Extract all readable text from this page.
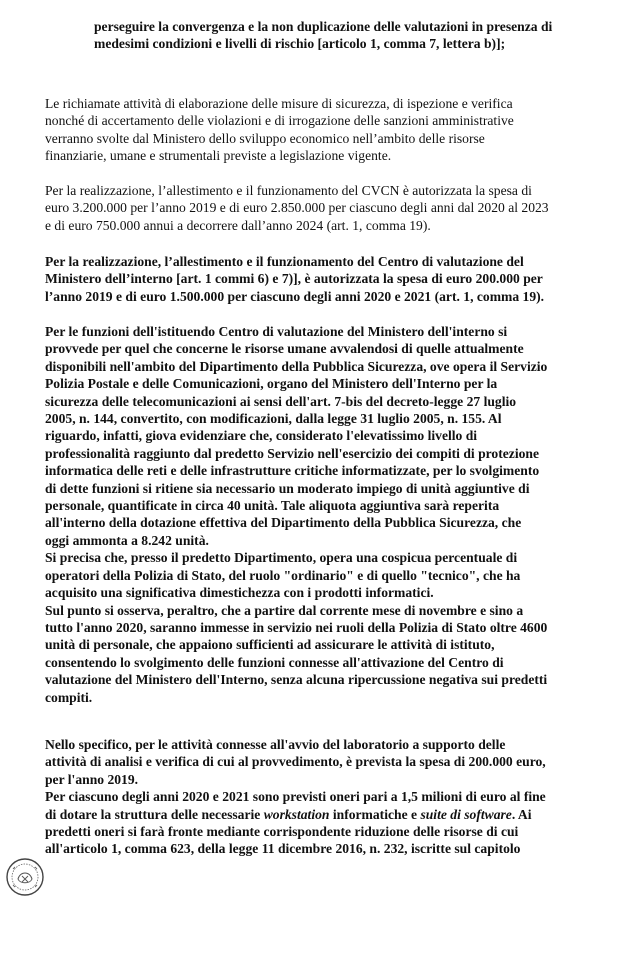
perseguire la convergenza e la non duplicazione delle valutazioni in presenza di
medesimi condizioni e livelli di rischio [articolo 1, comma 7, lettera b)];

Le richiamate attività di elaborazione delle misure di sicurezza, di ispezione e verifica
nonché di accertamento delle violazioni e di irrogazione delle sanzioni amministrative
verranno svolte dal Ministero dello sviluppo economico nell’ambito delle risorse
finanziarie, umane e strumentali previste a legislazione vigente.

Per la realizzazione, l’allestimento e il funzionamento del CVCN è autorizzata la spesa di
euro 3.200.000 per l’anno 2019 e di euro 2.850.000 per ciascuno degli anni dal 2020 al 2023
e di euro 750.000 annui a decorrere dall’anno 2024 (art. 1, comma 19).

Per la realizzazione, l’allestimento e il funzionamento del Centro di valutazione del
Ministero dell’interno [art. 1 commi 6) e 7)], è autorizzata la spesa di euro 200.000 per
l’anno 2019 e di euro 1.500.000 per ciascuno degli anni 2020 e 2021 (art. 1, comma 19).

Per le funzioni dell'istituendo Centro di valutazione del Ministero dell'interno si
provvede per quel che concerne le risorse umane avvalendosi di quelle attualmente
disponibili nell'ambito del Dipartimento della Pubblica Sicurezza, ove opera il Servizio
Polizia Postale e delle Comunicazioni, organo del Ministero dell'Interno per la
sicurezza delle telecomunicazioni ai sensi dell'art. 7-bis del decreto-legge 27 luglio
2005, n. 144, convertito, con modificazioni, dalla legge 31 luglio 2005, n. 155. Al
riguardo, infatti, giova evidenziare che, considerato l'elevatissimo livello di
professionalità raggiunto dal predetto Servizio nell'esercizio dei compiti di protezione
informatica delle reti e delle infrastrutture critiche informatizzate, per lo svolgimento
di dette funzioni si ritiene sia necessario un moderato impiego di unità aggiuntive di
personale, quantificate in circa 40 unità. Tale aliquota aggiuntiva sarà reperita
all'interno della dotazione effettiva del Dipartimento della Pubblica Sicurezza, che
oggi ammonta a 8.242 unità.
Si precisa che, presso il predetto Dipartimento, opera una cospicua percentuale di
operatori della Polizia di Stato, del ruolo "ordinario" e di quello "tecnico", che ha
acquisito una significativa dimestichezza con i prodotti informatici.
Sul punto si osserva, peraltro, che a partire dal corrente mese di novembre e sino a
tutto l'anno 2020, saranno immesse in servizio nei ruoli della Polizia di Stato oltre 4600
unità di personale, che appaiono sufficienti ad assicurare le attività di istituto,
consentendo lo svolgimento delle funzioni connesse all'attivazione del Centro di
valutazione del Ministero dell'Interno, senza alcuna ripercussione negativa sui predetti
compiti.

Nello specifico, per le attività connesse all'avvio del laboratorio a supporto delle
attività di analisi e verifica di cui al provvedimento, è prevista la spesa di 200.000 euro,
per l'anno 2019.
Per ciascuno degli anni 2020 e 2021 sono previsti oneri pari a 1,5 milioni di euro al fine
di dotare la struttura delle necessarie workstation informatiche e suite di software. Ai
predetti oneri si farà fronte mediante corrispondente riduzione delle risorse di cui
all'articolo 1, comma 623, della legge 11 dicembre 2016, n. 232, iscritte sul capitolo
